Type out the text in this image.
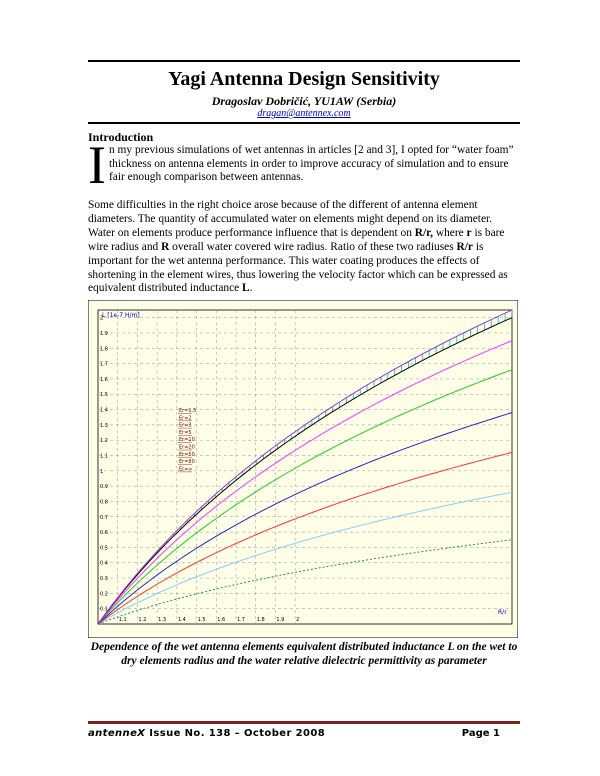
Yagi Antenna Design Sensitivity
Dragoslav Dobričić, YU1AW (Serbia)
dragan@antennex.com
Introduction
I n my previous simulations of wet antennas in articles [2 and 3], I opted for “water foam” thickness on antenna elements in order to improve accuracy of simulation and to ensure fair enough comparison between antennas.
Some difficulties in the right choice arose because of the different of antenna element diameters. The quantity of accumulated water on elements might depend on its diameter. Water on elements produce performance influence that is dependent on R/r, where r is bare wire radius and R overall water covered wire radius. Ratio of these two radiuses R/r is important for the wet antenna performance. This water coating produces the effects of shortening in the element wires, thus lowering the velocity factor which can be expressed as equivalent distributed inductance L.
0.1
0.2
0.3
0.4
0.5
0.6
0.7
0.8
0.9
1
1.1
1.2
1.3
1.4
1.5
1.6
1.7
1.8
1.9
2
1.1 1.2 1.3 1.4 1.5 1.6 1.7 1.8 1.9 2
L [1e-7 H/m]
R/r
Er=1.5
Er=2
Er=3
Er=5
Er=10
Er=20
Er=50
Er=80
Er=∞
Dependence of the wet antenna elements equivalent distributed inductance L on the wet to dry elements radius and the water relative dielectric permittivity as parameter
antenneX Issue No. 138 – October 2008	Page 1
